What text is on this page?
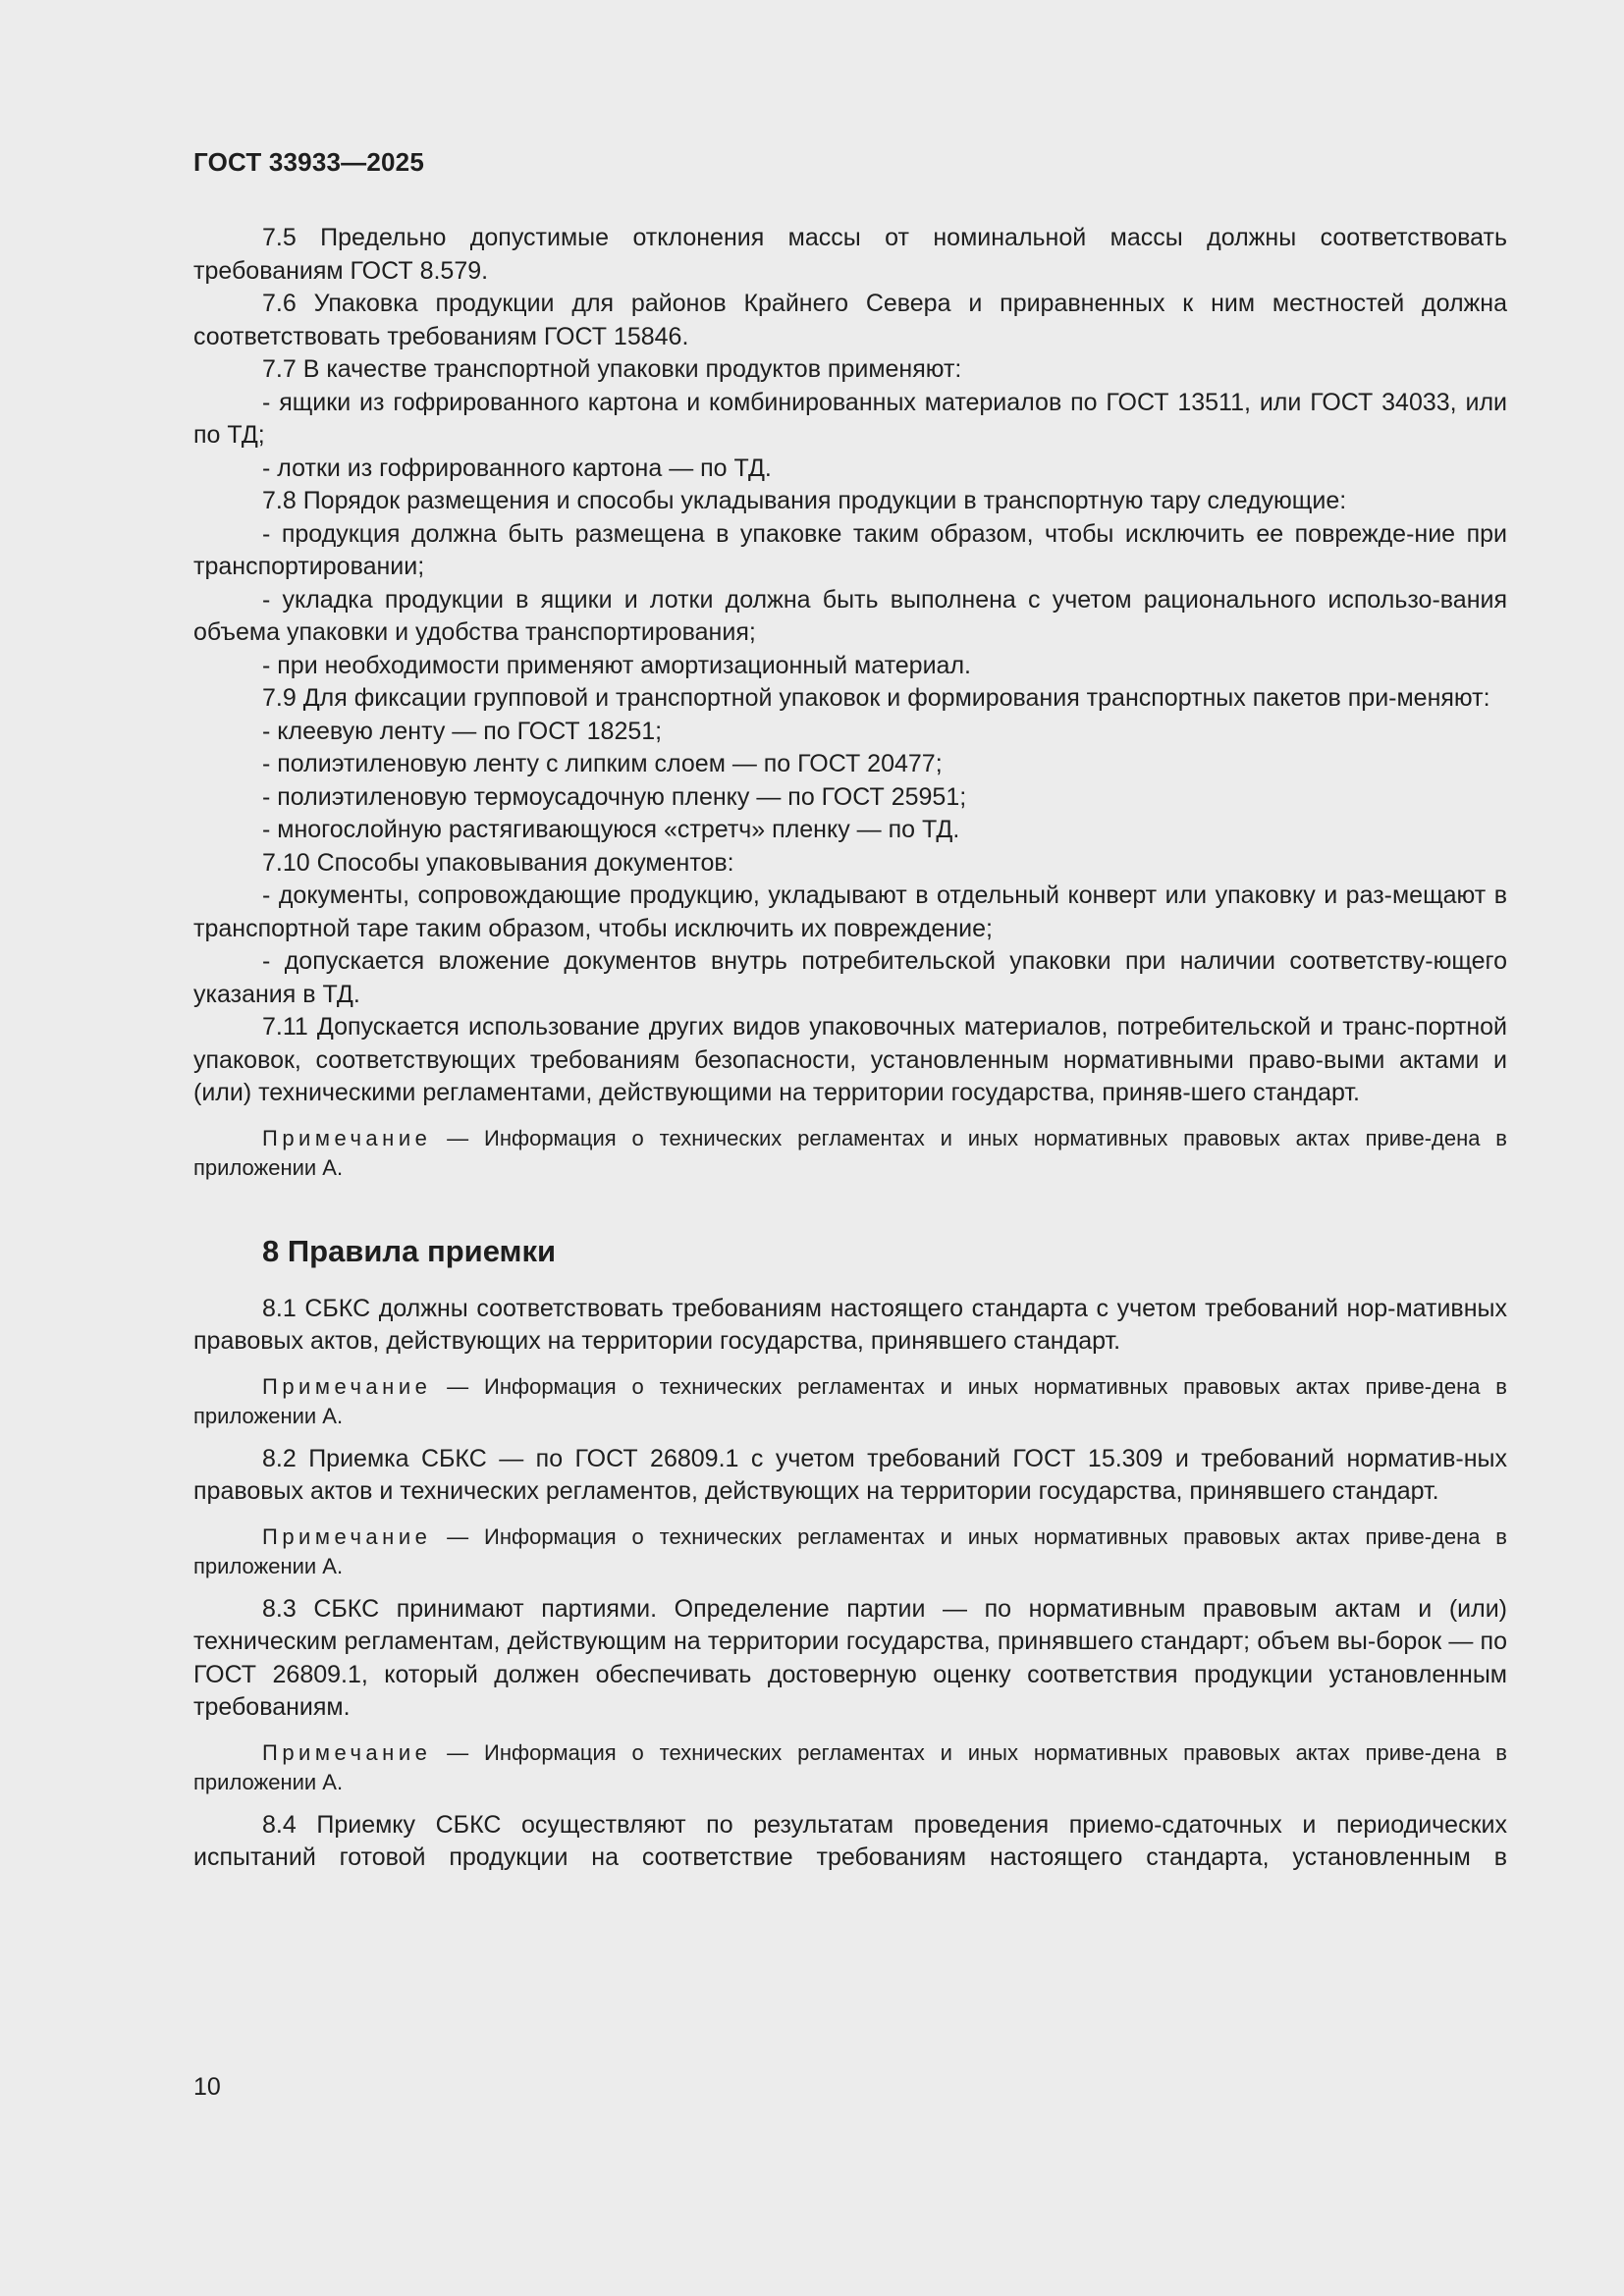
ГОСТ 33933—2025

7.5 Предельно допустимые отклонения массы от номинальной массы должны соответствовать требованиям ГОСТ 8.579.

7.6 Упаковка продукции для районов Крайнего Севера и приравненных к ним местностей должна соответствовать требованиям ГОСТ 15846.

7.7 В качестве транспортной упаковки продуктов применяют:

- ящики из гофрированного картона и комбинированных материалов по ГОСТ 13511, или ГОСТ 34033, или по ТД;

- лотки из гофрированного картона — по ТД.

7.8 Порядок размещения и способы укладывания продукции в транспортную тару следующие:

- продукция должна быть размещена в упаковке таким образом, чтобы исключить ее поврежде-ние при транспортировании;

- укладка продукции в ящики и лотки должна быть выполнена с учетом рационального использо-вания объема упаковки и удобства транспортирования;

- при необходимости применяют амортизационный материал.

7.9 Для фиксации групповой и транспортной упаковок и формирования транспортных пакетов при-меняют:

- клеевую ленту — по ГОСТ 18251;

- полиэтиленовую ленту с липким слоем — по ГОСТ 20477;

- полиэтиленовую термоусадочную пленку — по ГОСТ 25951;

- многослойную растягивающуюся «стретч» пленку — по ТД.

7.10 Способы упаковывания документов:

- документы, сопровождающие продукцию, укладывают в отдельный конверт или упаковку и раз-мещают в транспортной таре таким образом, чтобы исключить их повреждение;

- допускается вложение документов внутрь потребительской упаковки при наличии соответству-ющего указания в ТД.

7.11 Допускается использование других видов упаковочных материалов, потребительской и транс-портной упаковок, соответствующих требованиям безопасности, установленным нормативными право-выми актами и (или) техническими регламентами, действующими на территории государства, приняв-шего стандарт.

Примечание — Информация о технических регламентах и иных нормативных правовых актах приве-дена в приложении А.

8 Правила приемки

8.1 СБКС должны соответствовать требованиям настоящего стандарта с учетом требований нор-мативных правовых актов, действующих на территории государства, принявшего стандарт.

Примечание — Информация о технических регламентах и иных нормативных правовых актах приве-дена в приложении А.

8.2 Приемка СБКС — по ГОСТ 26809.1 с учетом требований ГОСТ 15.309 и требований норматив-ных правовых актов и технических регламентов, действующих на территории государства, принявшего стандарт.

Примечание — Информация о технических регламентах и иных нормативных правовых актах приве-дена в приложении А.

8.3 СБКС принимают партиями. Определение партии — по нормативным правовым актам и (или) техническим регламентам, действующим на территории государства, принявшего стандарт; объем вы-борок — по ГОСТ 26809.1, который должен обеспечивать достоверную оценку соответствия продукции установленным требованиям.

Примечание — Информация о технических регламентах и иных нормативных правовых актах приве-дена в приложении А.

8.4 Приемку СБКС осуществляют по результатам проведения приемо-сдаточных и периодических испытаний готовой продукции на соответствие требованиям настоящего стандарта, установленным в

10
